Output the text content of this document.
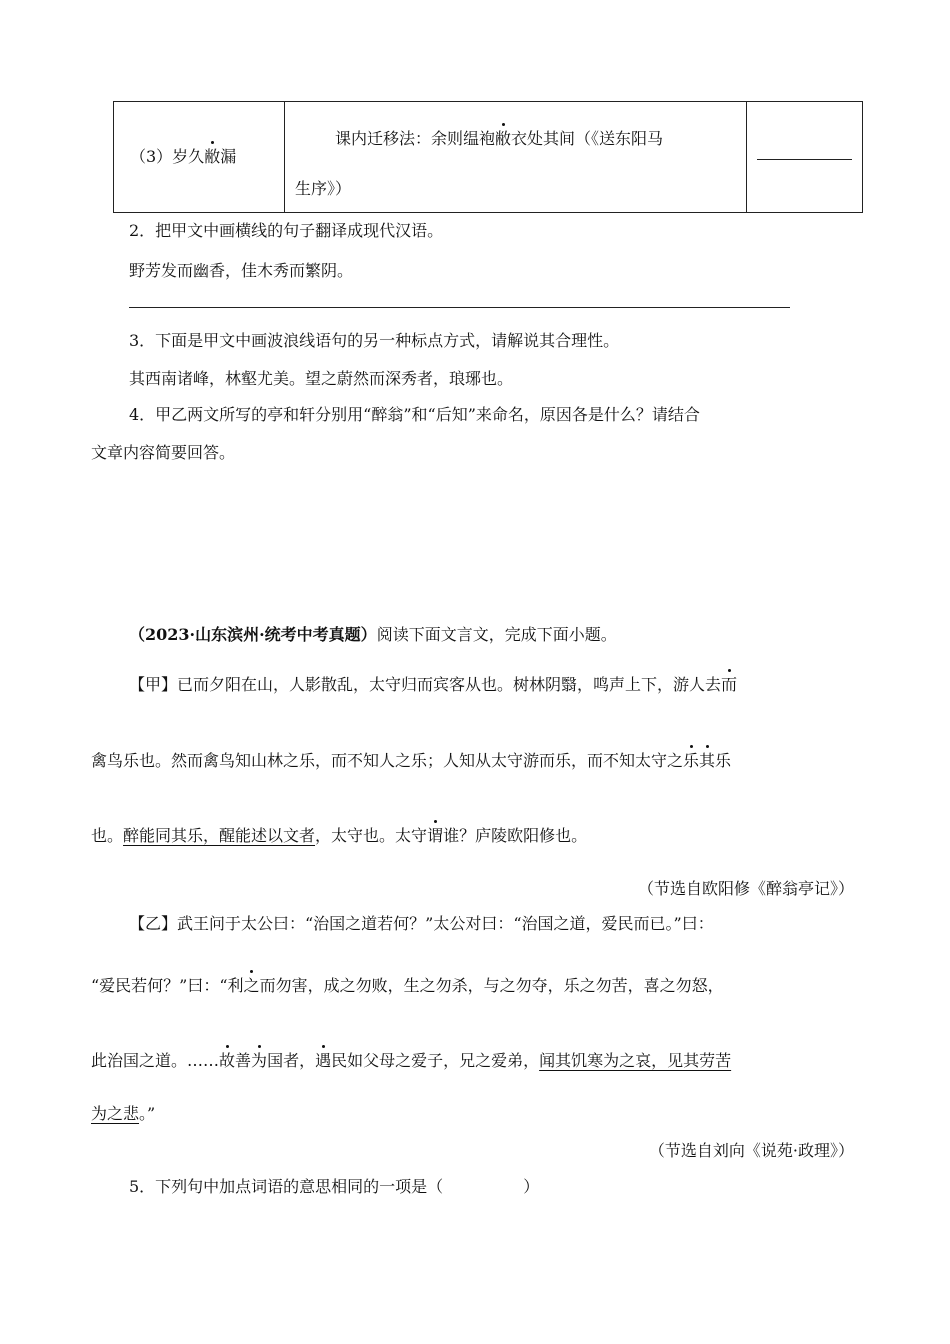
（3）岁久敝漏

课内迁移法：余则缊袍敝衣处其间（《送东阳马
生序》）

2．把甲文中画横线的句子翻译成现代汉语。
野芳发而幽香，佳木秀而繁阴。
3．下面是甲文中画波浪线语句的另一种标点方式，请解说其合理性。
其西南诸峰，林壑尤美。望之蔚然而深秀者，琅琊也。
4．甲乙两文所写的亭和轩分别用“醉翁”和“后知”来命名，原因各是什么？请结合
文章内容简要回答。
（2023·山东滨州·统考中考真题）阅读下面文言文，完成下面小题。
【甲】已而夕阳在山，人影散乱，太守归而宾客从也。树林阴翳，鸣声上下，游人去而
禽鸟乐也。然而禽鸟知山林之乐，而不知人之乐；人知从太守游而乐，而不知太守之乐其乐
也。醉能同其乐，醒能述以文者，太守也。太守谓谁？庐陵欧阳修也。
（节选自欧阳修《醉翁亭记》）
【乙】武王问于太公曰：“治国之道若何？”太公对曰：“治国之道，爱民而已。”曰：
“爱民若何？”曰：“利之而勿害，成之勿败，生之勿杀，与之勿夺，乐之勿苦，喜之勿怒，
此治国之道。……故善为国者，遇民如父母之爱子，兄之爱弟，闻其饥寒为之哀，见其劳苦
为之悲。”
（节选自刘向《说苑·政理》）
5．下列句中加点词语的意思相同的一项是（	）
